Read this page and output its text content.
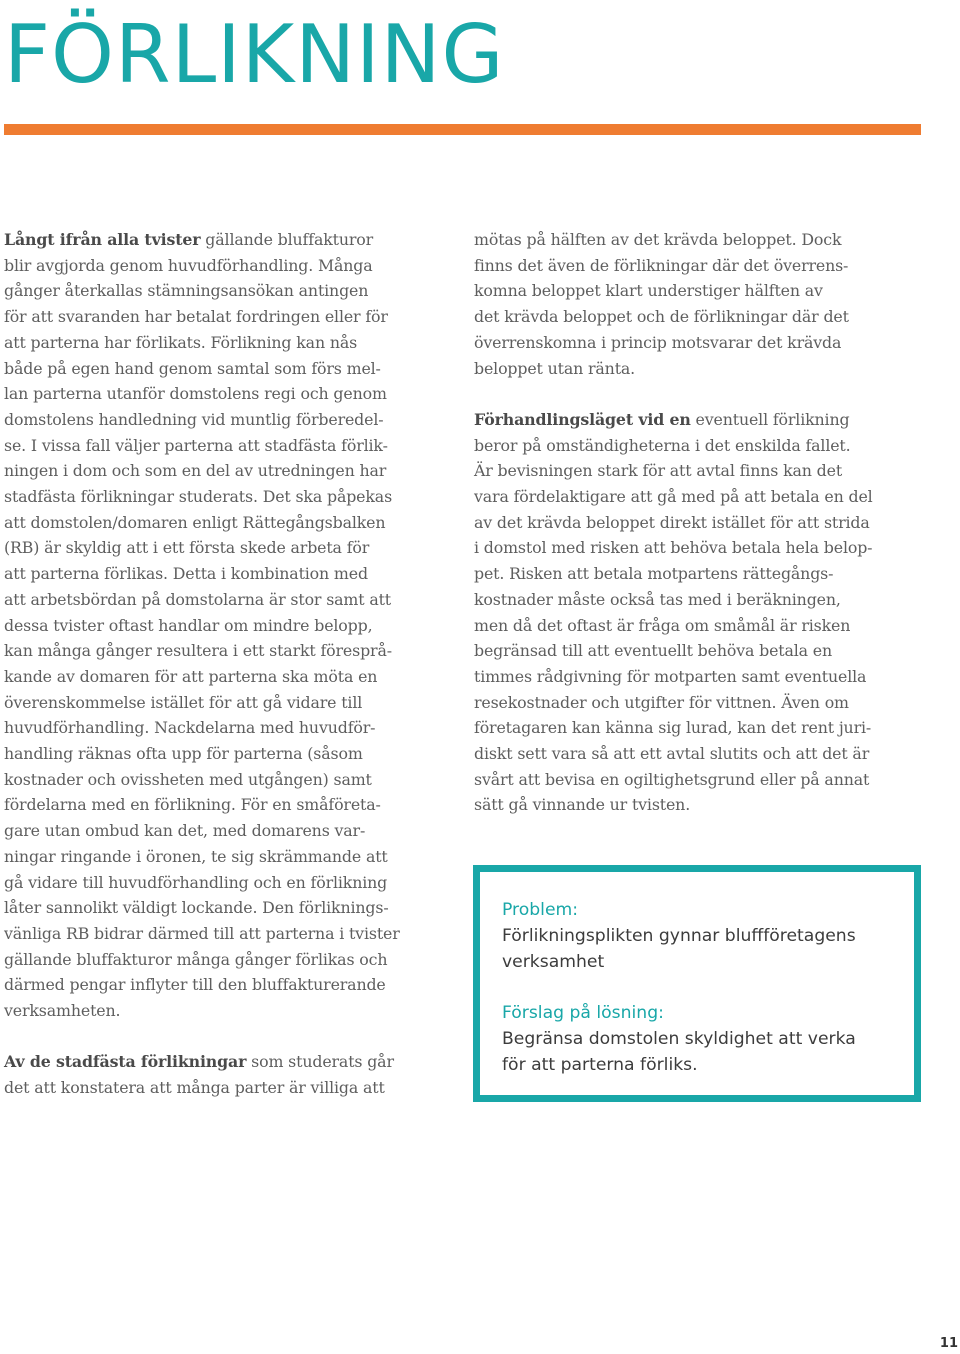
FÖRLIKNING

Långt ifrån alla tvister gällande bluffakturor
blir avgjorda genom huvudförhandling. Många
gånger återkallas stämningsansökan antingen
för att svaranden har betalat fordringen eller för
att parterna har förlikats. Förlikning kan nås
både på egen hand genom samtal som förs mel-
lan parterna utanför domstolens regi och genom
domstolens handledning vid muntlig förberedel-
se. I vissa fall väljer parterna att stadfästa förlik-
ningen i dom och som en del av utredningen har
stadfästa förlikningar studerats. Det ska påpekas
att domstolen/domaren enligt Rättegångsbalken
(RB) är skyldig att i ett första skede arbeta för
att parterna förlikas. Detta i kombination med
att arbetsbördan på domstolarna är stor samt att
dessa tvister oftast handlar om mindre belopp,
kan många gånger resultera i ett starkt föresprå-
kande av domaren för att parterna ska möta en
överenskommelse istället för att gå vidare till
huvudförhandling. Nackdelarna med huvudför-
handling räknas ofta upp för parterna (såsom
kostnader och ovissheten med utgången) samt
fördelarna med en förlikning. För en småföreta-
gare utan ombud kan det, med domarens var-
ningar ringande i öronen, te sig skrämmande att
gå vidare till huvudförhandling och en förlikning
låter sannolikt väldigt lockande. Den förliknings-
vänliga RB bidrar därmed till att parterna i tvister
gällande bluffakturor många gånger förlikas och
därmed pengar inflyter till den bluffakturerande
verksamheten.

Av de stadfästa förlikningar som studerats går
det att konstatera att många parter är villiga att

mötas på hälften av det krävda beloppet. Dock
finns det även de förlikningar där det överrens-
komna beloppet klart understiger hälften av
det krävda beloppet och de förlikningar där det
överrenskomna i princip motsvarar det krävda
beloppet utan ränta.

Förhandlingsläget vid en eventuell förlikning
beror på omständigheterna i det enskilda fallet.
Är bevisningen stark för att avtal finns kan det
vara fördelaktigare att gå med på att betala en del
av det krävda beloppet direkt istället för att strida
i domstol med risken att behöva betala hela belop-
pet. Risken att betala motpartens rättegångs-
kostnader måste också tas med i beräkningen,
men då det oftast är fråga om småmål är risken
begränsad till att eventuellt behöva betala en
timmes rådgivning för motparten samt eventuella
resekostnader och utgifter för vittnen. Även om
företagaren kan känna sig lurad, kan det rent juri-
diskt sett vara så att ett avtal slutits och att det är
svårt att bevisa en ogiltighetsgrund eller på annat
sätt gå vinnande ur tvisten.

Problem:
Förlikningsplikten gynnar bluffföretagens
verksamhet
Förslag på lösning:
Begränsa domstolen skyldighet att verka
för att parterna förliks.
11
